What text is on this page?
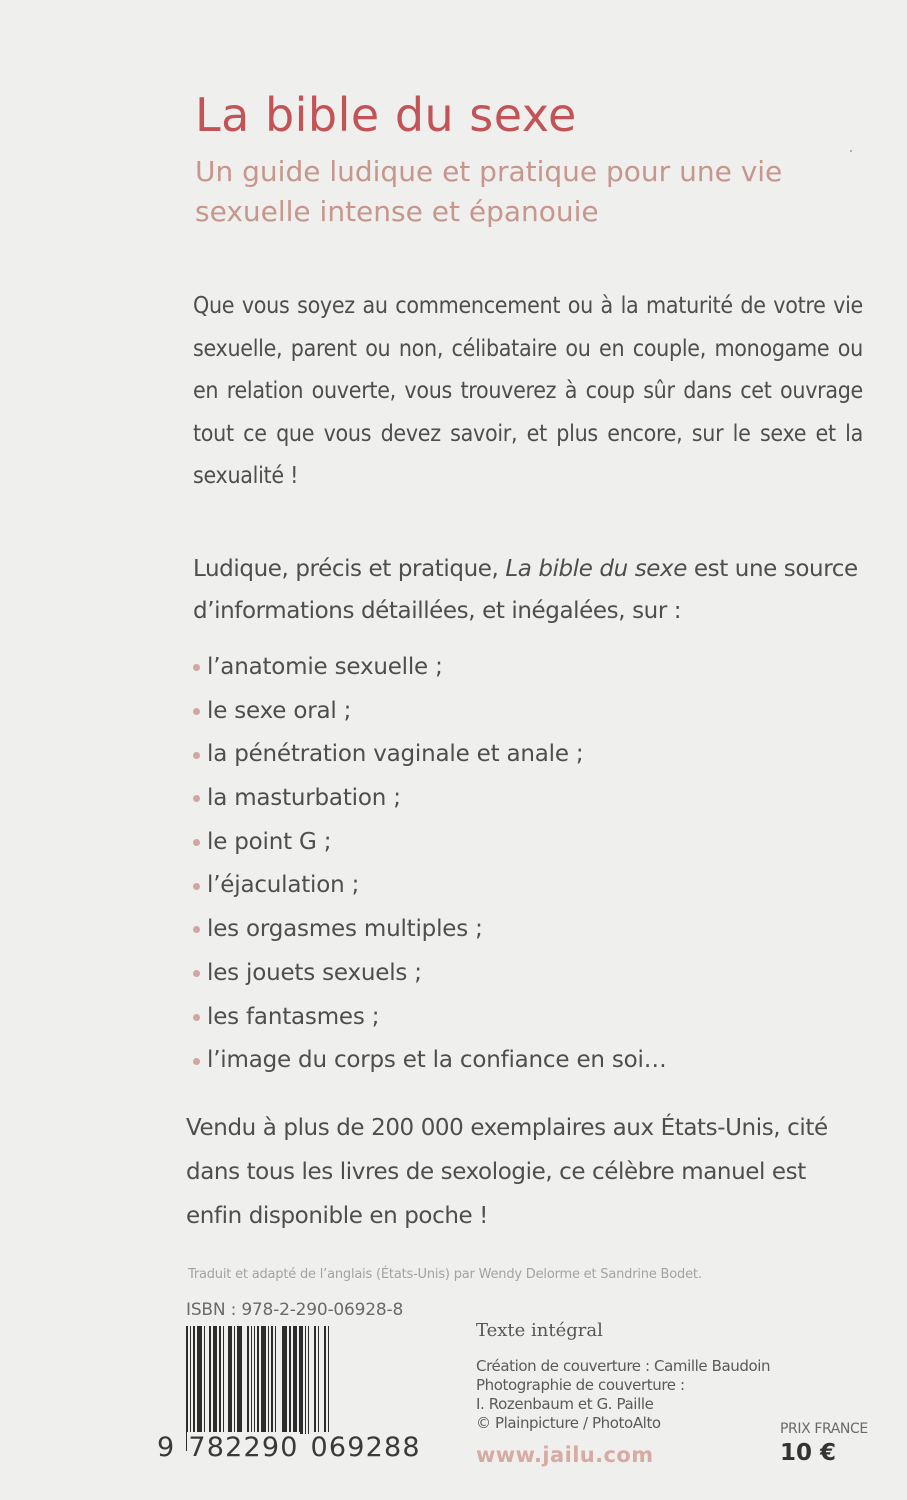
La bible du sexe

Un guide ludique et pratique pour une vie sexuelle intense et épanouie

Que vous soyez au commencement ou à la maturité de votre vie sexuelle, parent ou non, célibataire ou en couple, monogame ou en relation ouverte, vous trouverez à coup sûr dans cet ouvrage tout ce que vous devez savoir, et plus encore, sur le sexe et la sexualité !

Ludique, précis et pratique, La bible du sexe est une source d’informations détaillées, et inégalées, sur :

l’anatomie sexuelle ;
le sexe oral ;
la pénétration vaginale et anale ;
la masturbation ;
le point G ;
l’éjaculation ;
les orgasmes multiples ;
les jouets sexuels ;
les fantasmes ;
l’image du corps et la confiance en soi…

Vendu à plus de 200 000 exemplaires aux États-Unis, cité dans tous les livres de sexologie, ce célèbre manuel est enfin disponible en poche !

Traduit et adapté de l’anglais (États-Unis) par Wendy Delorme et Sandrine Bodet.
ISBN : 978-2-290-06928-8
9 782290 069288
Texte intégral
Création de couverture : Camille Baudoin
Photographie de couverture :
I. Rozenbaum et G. Paille
© Plainpicture / PhotoAlto
www.jailu.com
PRIX FRANCE
10 €
